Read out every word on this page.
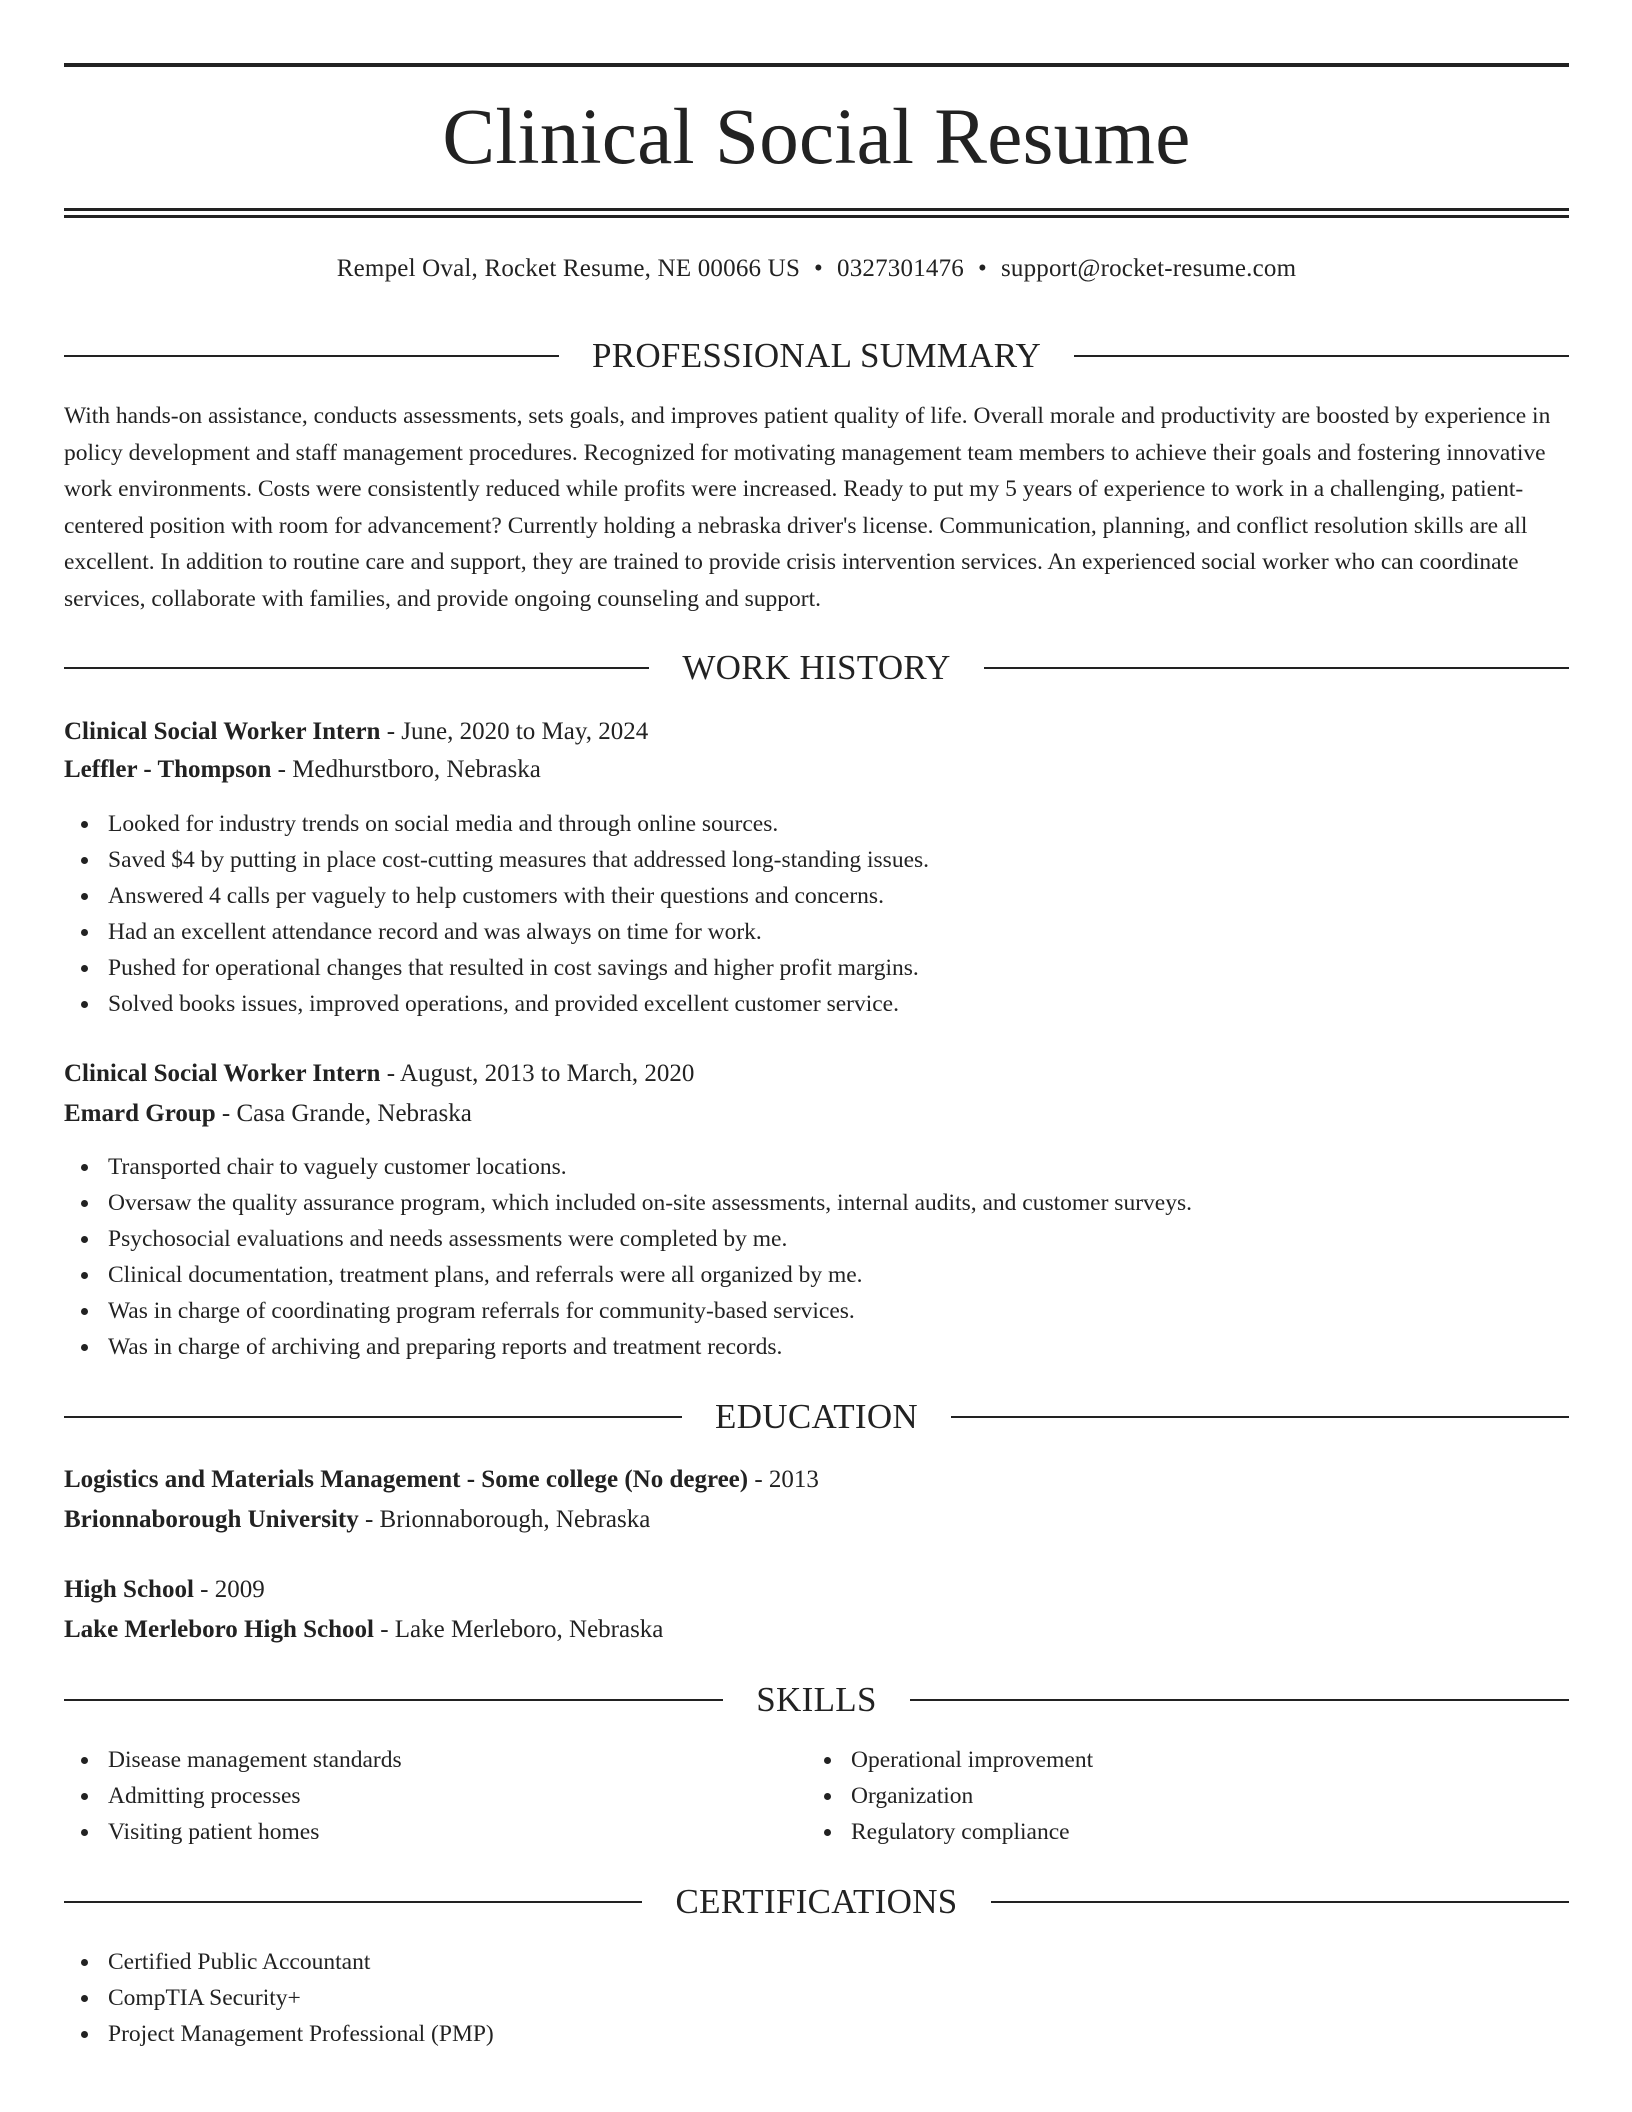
Clinical Social Resume
Rempel Oval, Rocket Resume, NE 00066 US • 0327301476 • support@rocket-resume.com
PROFESSIONAL SUMMARY
With hands-on assistance, conducts assessments, sets goals, and improves patient quality of life. Overall morale and productivity are boosted by experience in policy development and staff management procedures. Recognized for motivating management team members to achieve their goals and fostering innovative work environments. Costs were consistently reduced while profits were increased. Ready to put my 5 years of experience to work in a challenging, patient-centered position with room for advancement? Currently holding a nebraska driver's license. Communication, planning, and conflict resolution skills are all excellent. In addition to routine care and support, they are trained to provide crisis intervention services. An experienced social worker who can coordinate services, collaborate with families, and provide ongoing counseling and support.
WORK HISTORY
Clinical Social Worker Intern - June, 2020 to May, 2024
Leffler - Thompson - Medhurstboro, Nebraska
Looked for industry trends on social media and through online sources.
Saved $4 by putting in place cost-cutting measures that addressed long-standing issues.
Answered 4 calls per vaguely to help customers with their questions and concerns.
Had an excellent attendance record and was always on time for work.
Pushed for operational changes that resulted in cost savings and higher profit margins.
Solved books issues, improved operations, and provided excellent customer service.
Clinical Social Worker Intern - August, 2013 to March, 2020
Emard Group - Casa Grande, Nebraska
Transported chair to vaguely customer locations.
Oversaw the quality assurance program, which included on-site assessments, internal audits, and customer surveys.
Psychosocial evaluations and needs assessments were completed by me.
Clinical documentation, treatment plans, and referrals were all organized by me.
Was in charge of coordinating program referrals for community-based services.
Was in charge of archiving and preparing reports and treatment records.
EDUCATION
Logistics and Materials Management - Some college (No degree) - 2013
Brionnaborough University - Brionnaborough, Nebraska
High School - 2009
Lake Merleboro High School - Lake Merleboro, Nebraska
SKILLS
Disease management standards
Admitting processes
Visiting patient homes
Operational improvement
Organization
Regulatory compliance
CERTIFICATIONS
Certified Public Accountant
CompTIA Security+
Project Management Professional (PMP)
